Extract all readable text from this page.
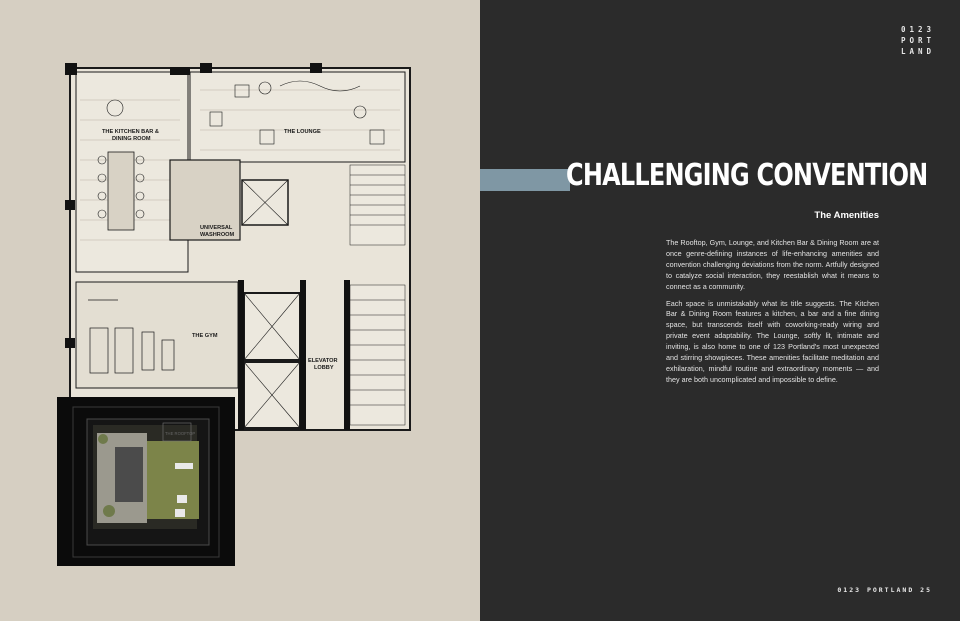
THE KITCHEN BAR &
DINING ROOM
THE LOUNGE
UNIVERSAL
WASHROOM
THE GYM
ELEVATOR
LOBBY
THE ROOFTOP
0123
PORT
LAND
CHALLENGING CONVENTION
The Amenities

The Rooftop, Gym, Lounge, and Kitchen Bar & Dining Room are at once genre-defining instances of life-enhancing amenities and convention challenging deviations from the norm. Artfully designed to catalyze social interaction, they reestablish what it means to connect as a community.

Each space is unmistakably what its title suggests. The Kitchen Bar & Dining Room features a kitchen, a bar and a fine dining space, but transcends itself with coworking-ready wiring and private event adaptability. The Lounge, softly lit, intimate and inviting, is also home to one of 123 Portland's most unexpected and stirring showpieces. These amenities facilitate meditation and exhilaration, mindful routine and extraordinary moments — and they are both uncomplicated and impossible to define.

0123 PORTLAND 25
